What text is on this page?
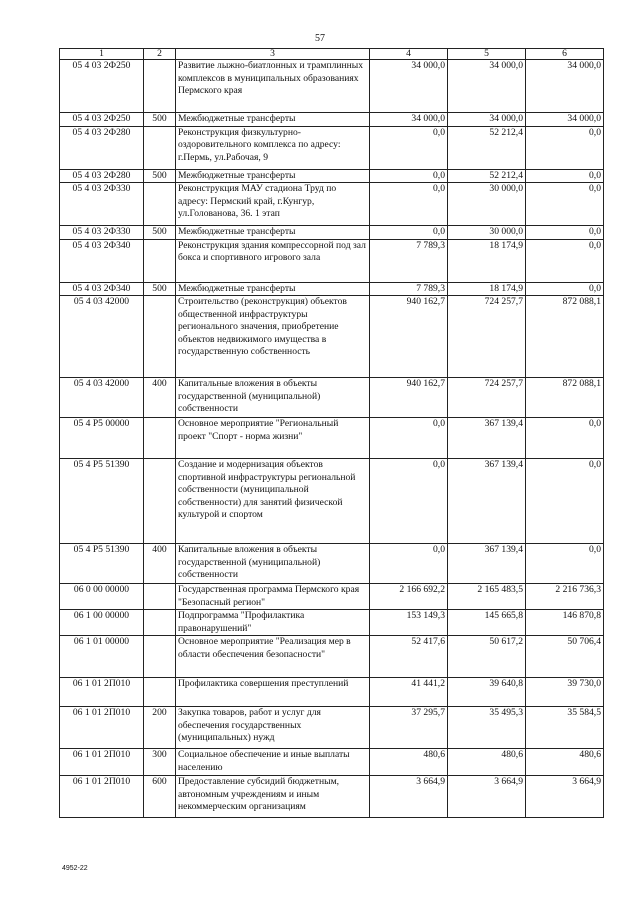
57
1	2	3	4	5	6
05 4 03 2Ф250		Развитие лыжно-биатлонных и трамплинных комплексов в муниципальных образованиях Пермского края	34 000,0	34 000,0	34 000,0
05 4 03 2Ф250	500	Межбюджетные трансферты	34 000,0	34 000,0	34 000,0
05 4 03 2Ф280		Реконструкция физкультурно-оздоровительного комплекса по адресу: г.Пермь, ул.Рабочая, 9	0,0	52 212,4	0,0
05 4 03 2Ф280	500	Межбюджетные трансферты	0,0	52 212,4	0,0
05 4 03 2Ф330		Реконструкция МАУ стадиона Труд по адресу: Пермский край, г.Кунгур, ул.Голованова, 36. 1 этап	0,0	30 000,0	0,0
05 4 03 2Ф330	500	Межбюджетные трансферты	0,0	30 000,0	0,0
05 4 03 2Ф340		Реконструкция здания компрессорной под зал бокса и спортивного игрового зала	7 789,3	18 174,9	0,0
05 4 03 2Ф340	500	Межбюджетные трансферты	7 789,3	18 174,9	0,0
05 4 03 42000		Строительство (реконструкция) объектов общественной инфраструктуры регионального значения, приобретение объектов недвижимого имущества в государственную собственность	940 162,7	724 257,7	872 088,1
05 4 03 42000	400	Капитальные вложения в объекты государственной (муниципальной) собственности	940 162,7	724 257,7	872 088,1
05 4 P5 00000		Основное мероприятие "Региональный проект "Спорт - норма жизни"	0,0	367 139,4	0,0
05 4 P5 51390		Создание и модернизация объектов спортивной инфраструктуры региональной собственности (муниципальной собственности) для занятий физической культурой и спортом	0,0	367 139,4	0,0
05 4 P5 51390	400	Капитальные вложения в объекты государственной (муниципальной) собственности	0,0	367 139,4	0,0
06 0 00 00000		Государственная программа Пермского края "Безопасный регион"	2 166 692,2	2 165 483,5	2 216 736,3
06 1 00 00000		Подпрограмма "Профилактика правонарушений"	153 149,3	145 665,8	146 870,8
06 1 01 00000		Основное мероприятие "Реализация мер в области обеспечения безопасности"	52 417,6	50 617,2	50 706,4
06 1 01 2П010		Профилактика совершения преступлений	41 441,2	39 640,8	39 730,0
06 1 01 2П010	200	Закупка товаров, работ и услуг для обеспечения государственных (муниципальных) нужд	37 295,7	35 495,3	35 584,5
06 1 01 2П010	300	Социальное обеспечение и иные выплаты населению	480,6	480,6	480,6
06 1 01 2П010	600	Предоставление субсидий бюджетным, автономным учреждениям и иным некоммерческим организациям	3 664,9	3 664,9	3 664,9
4952-22
